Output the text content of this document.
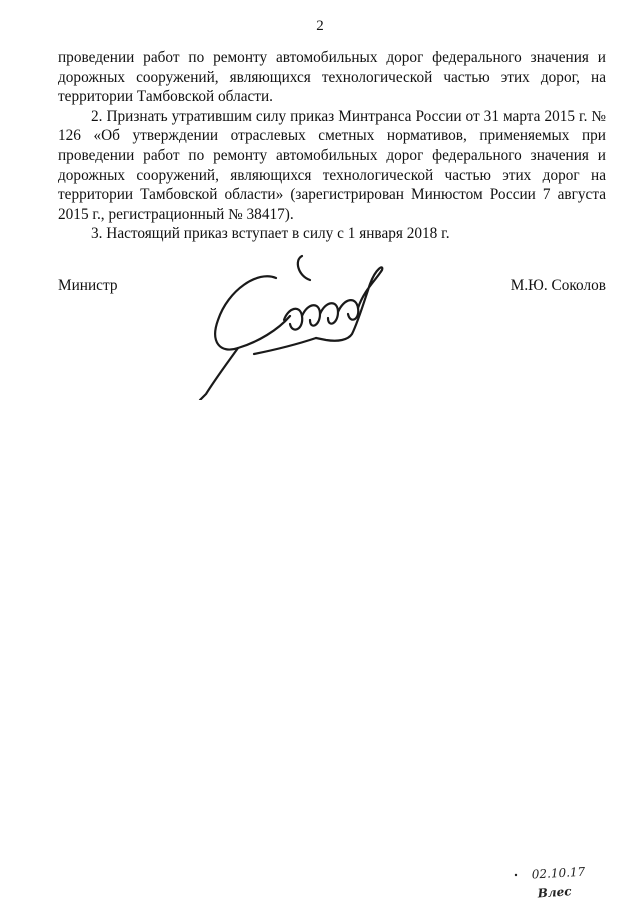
2

проведении работ по ремонту автомобильных дорог федерального значения и дорожных сооружений, являющихся технологической частью этих дорог, на территории Тамбовской области.

2. Признать утратившим силу приказ Минтранса России от 31 марта 2015 г. № 126 «Об утверждении отраслевых сметных нормативов, применяемых при проведении работ по ремонту автомобильных дорог федерального значения и дорожных сооружений, являющихся технологической частью этих дорог на территории Тамбовской области» (зарегистрирован Минюстом России 7 августа 2015 г., регистрационный № 38417).

3. Настоящий приказ вступает в силу с 1 января 2018 г.

Министр	М.Ю. Соколов
02.10.17
Влес
